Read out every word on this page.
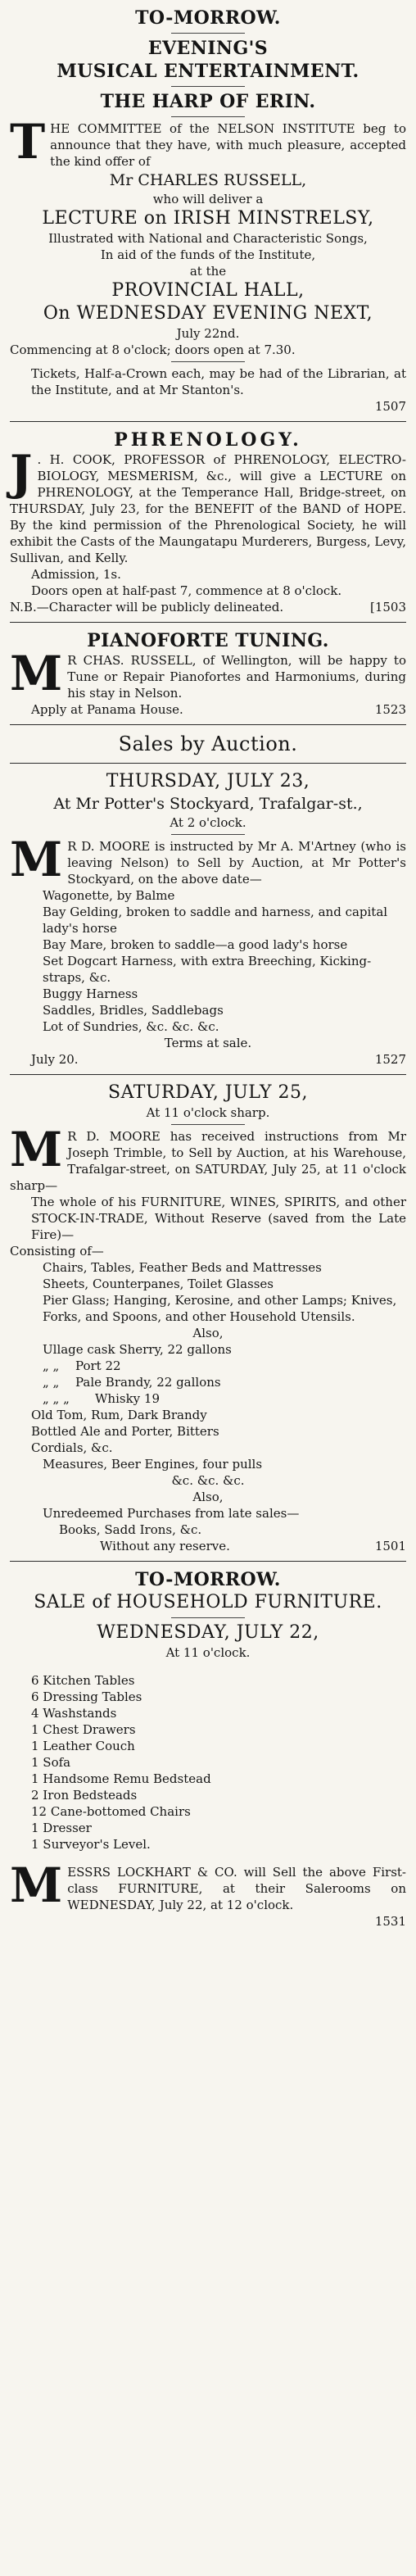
TO-MORROW.
EVENING'S
MUSICAL ENTERTAINMENT.
THE HARP OF ERIN.
THE COMMITTEE of the NELSON INSTITUTE beg to announce that they have, with much pleasure, accepted the kind offer of
Mr CHARLES RUSSELL,
who will deliver a
LECTURE on IRISH MINSTRELSY,
Illustrated with National and Characteristic Songs,
In aid of the funds of the Institute,
at the
PROVINCIAL HALL,
On WEDNESDAY EVENING NEXT,
July 22nd.
Commencing at 8 o'clock; doors open at 7.30.
Tickets, Half-a-Crown each, may be had of the Librarian, at the Institute, and at Mr Stanton's.
1507
PHRENOLOGY.
J . H. COOK, PROFESSOR of PHRENOLOGY, ELECTRO-BIOLOGY, MESMERISM, &c., will give a LECTURE on PHRENOLOGY, at the Temperance Hall, Bridge-street, on THURSDAY, July 23, for the BENEFIT of the BAND of HOPE. By the kind permission of the Phrenological Society, he will exhibit the Casts of the Maungatapu Murderers, Burgess, Levy, Sullivan, and Kelly.
Admission, 1s.
Doors open at half-past 7, commence at 8 o'clock.
N.B.—Character will be publicly delineated.	[1503
PIANOFORTE TUNING.
M R CHAS. RUSSELL, of Wellington, will be happy to Tune or Repair Pianofortes and Harmoniums, during his stay in Nelson.
Apply at Panama House.	1523
Sales by Auction.
THURSDAY, JULY 23,
At Mr Potter's Stockyard, Trafalgar-st.,
At 2 o'clock.
M R D. MOORE is instructed by Mr A. M'Artney (who is leaving Nelson) to Sell by Auction, at Mr Potter's Stockyard, on the above date—
Wagonette, by Balme
Bay Gelding, broken to saddle and harness, and capital lady's horse
Bay Mare, broken to saddle—a good lady's horse
Set Dogcart Harness, with extra Breeching, Kicking-straps, &c.
Buggy Harness
Saddles, Bridles, Saddlebags
Lot of Sundries, &c. &c. &c.
Terms at sale.
July 20.	1527
SATURDAY, JULY 25,
At 11 o'clock sharp.
M R D. MOORE has received instructions from Mr Joseph Trimble, to Sell by Auction, at his Warehouse, Trafalgar-street, on SATURDAY, July 25, at 11 o'clock sharp—
The whole of his FURNITURE, WINES, SPIRITS, and other STOCK-IN-TRADE, Without Reserve (saved from the Late Fire)—
Consisting of—
Chairs, Tables, Feather Beds and Mattresses
Sheets, Counterpanes, Toilet Glasses
Pier Glass; Hanging, Kerosine, and other Lamps; Knives, Forks, and Spoons, and other Household Utensils.
Also,
Ullage cask Sherry, 22 gallons
„ „ Port 22
„ „ Pale Brandy, 22 gallons
„ „ „ Whisky 19
Old Tom, Rum, Dark Brandy
Bottled Ale and Porter, Bitters
Cordials, &c.
Measures, Beer Engines, four pulls
&c. &c. &c.
Also,
Unredeemed Purchases from late sales—
Books, Sadd Irons, &c.
Without any reserve.	1501
TO-MORROW.
SALE of HOUSEHOLD FURNITURE.
WEDNESDAY, JULY 22,
At 11 o'clock.
6 Kitchen Tables
6 Dressing Tables
4 Washstands
1 Chest Drawers
1 Leather Couch
1 Sofa
1 Handsome Remu Bedstead
2 Iron Bedsteads
12 Cane-bottomed Chairs
1 Dresser
1 Surveyor's Level.
MESSRS LOCKHART & CO. will Sell the above First-class FURNITURE, at their Salerooms on WEDNESDAY, July 22, at 12 o'clock.
1531
